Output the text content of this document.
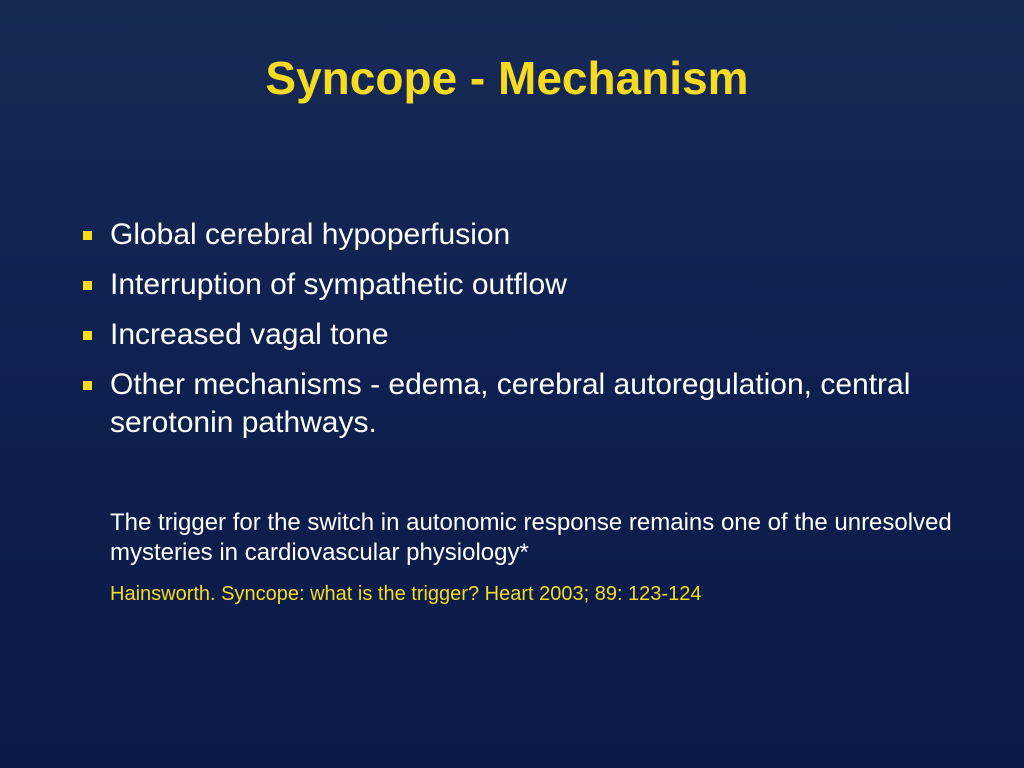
Syncope - Mechanism
Global cerebral hypoperfusion
Interruption of sympathetic outflow
Increased vagal tone
Other mechanisms - edema, cerebral autoregulation, central serotonin pathways.

The trigger for the switch in autonomic response remains one of the unresolved mysteries in cardiovascular physiology*

Hainsworth. Syncope: what is the trigger? Heart 2003; 89: 123-124
